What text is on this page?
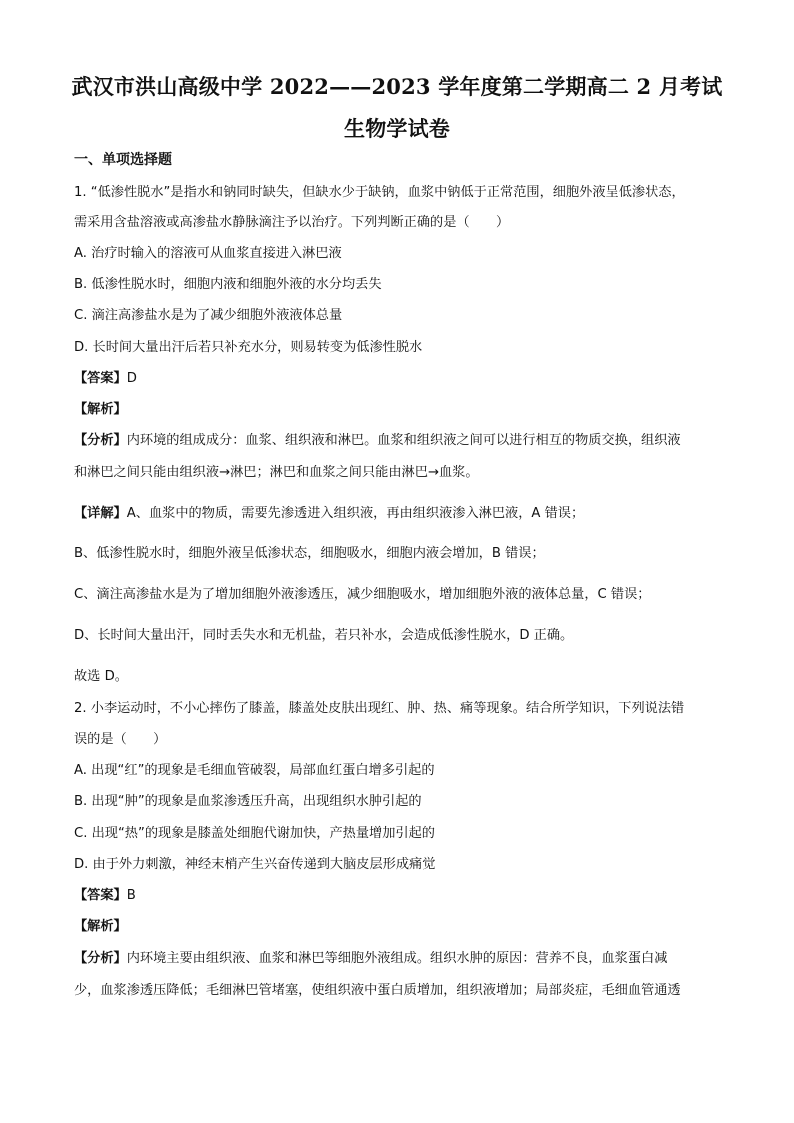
武汉市洪山高级中学 2022——2023 学年度第二学期高二 2 月考试
生物学试卷
一、单项选择题
1. “低渗性脱水”是指水和钠同时缺失，但缺水少于缺钠，血浆中钠低于正常范围，细胞外液呈低渗状态，
需采用含盐溶液或高渗盐水静脉滴注予以治疗。下列判断正确的是（　　）
A. 治疗时输入的溶液可从血浆直接进入淋巴液
B. 低渗性脱水时，细胞内液和细胞外液的水分均丢失
C. 滴注高渗盐水是为了减少细胞外液液体总量
D. 长时间大量出汗后若只补充水分，则易转变为低渗性脱水
【答案】D
【解析】
【分析】内环境的组成成分：血浆、组织液和淋巴。血浆和组织液之间可以进行相互的物质交换，组织液
和淋巴之间只能由组织液→淋巴；淋巴和血浆之间只能由淋巴→血浆。
【详解】A、血浆中的物质，需要先渗透进入组织液，再由组织液渗入淋巴液，A 错误；
B、低渗性脱水时，细胞外液呈低渗状态，细胞吸水，细胞内液会增加，B 错误；
C、滴注高渗盐水是为了增加细胞外液渗透压，减少细胞吸水，增加细胞外液的液体总量，C 错误；
D、长时间大量出汗，同时丢失水和无机盐，若只补水，会造成低渗性脱水，D 正确。
故选 D。
2. 小李运动时，不小心摔伤了膝盖，膝盖处皮肤出现红、肿、热、痛等现象。结合所学知识，下列说法错
误的是（　　）
A. 出现“红”的现象是毛细血管破裂，局部血红蛋白增多引起的
B. 出现“肿”的现象是血浆渗透压升高，出现组织水肿引起的
C. 出现“热”的现象是膝盖处细胞代谢加快，产热量增加引起的
D. 由于外力刺激，神经末梢产生兴奋传递到大脑皮层形成痛觉
【答案】B
【解析】
【分析】内环境主要由组织液、血浆和淋巴等细胞外液组成。组织水肿的原因：营养不良，血浆蛋白减
少，血浆渗透压降低；毛细淋巴管堵塞，使组织液中蛋白质增加，组织液增加；局部炎症，毛细血管通透
